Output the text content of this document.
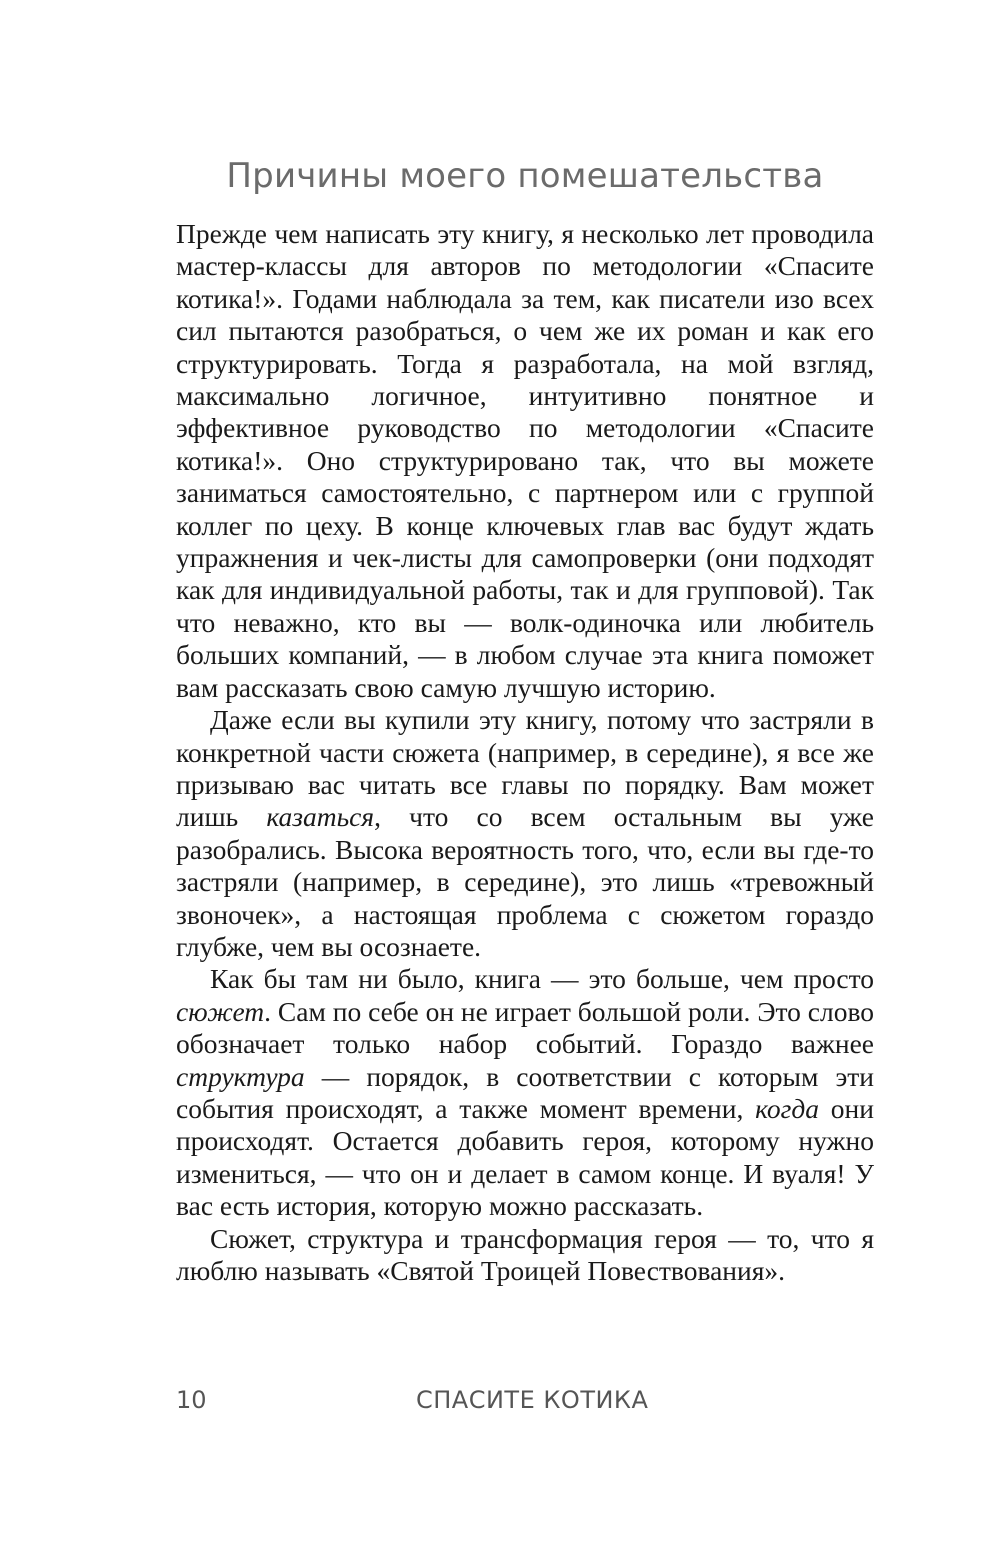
Причины моего помешательства

Прежде чем написать эту книгу, я несколько лет проводила мастер-классы для авторов по методологии «Спасите котика!». Годами наблюдала за тем, как писатели изо всех сил пытаются разобраться, о чем же их роман и как его структурировать. Тогда я разработала, на мой взгляд, максимально логичное, интуитивно понятное и эффективное руководство по методологии «Спасите котика!». Оно структурировано так, что вы можете заниматься самостоятельно, с партнером или с группой коллег по цеху. В конце ключевых глав вас будут ждать упражнения и чек-листы для самопроверки (они подходят как для индивидуальной работы, так и для групповой). Так что неважно, кто вы — волк-одиночка или любитель больших компаний, — в любом случае эта книга поможет вам рассказать свою самую лучшую историю.

Даже если вы купили эту книгу, потому что застряли в конкретной части сюжета (например, в середине), я все же призываю вас читать все главы по порядку. Вам может лишь казаться, что со всем остальным вы уже разобрались. Высока вероятность того, что, если вы где-то застряли (например, в середине), это лишь «тревожный звоночек», а настоящая проблема с сюжетом гораздо глубже, чем вы осознаете.

Как бы там ни было, книга — это больше, чем просто сюжет. Сам по себе он не играет большой роли. Это слово обозначает только набор событий. Гораздо важнее структура — порядок, в соответствии с которым эти события происходят, а также момент времени, когда они происходят. Остается добавить героя, которому нужно измениться, — что он и делает в самом конце. И вуаля! У вас есть история, которую можно рассказать.

Сюжет, структура и трансформация героя — то, что я люблю называть «Святой Троицей Повествования».

10	СПАСИТЕ КОТИКА
